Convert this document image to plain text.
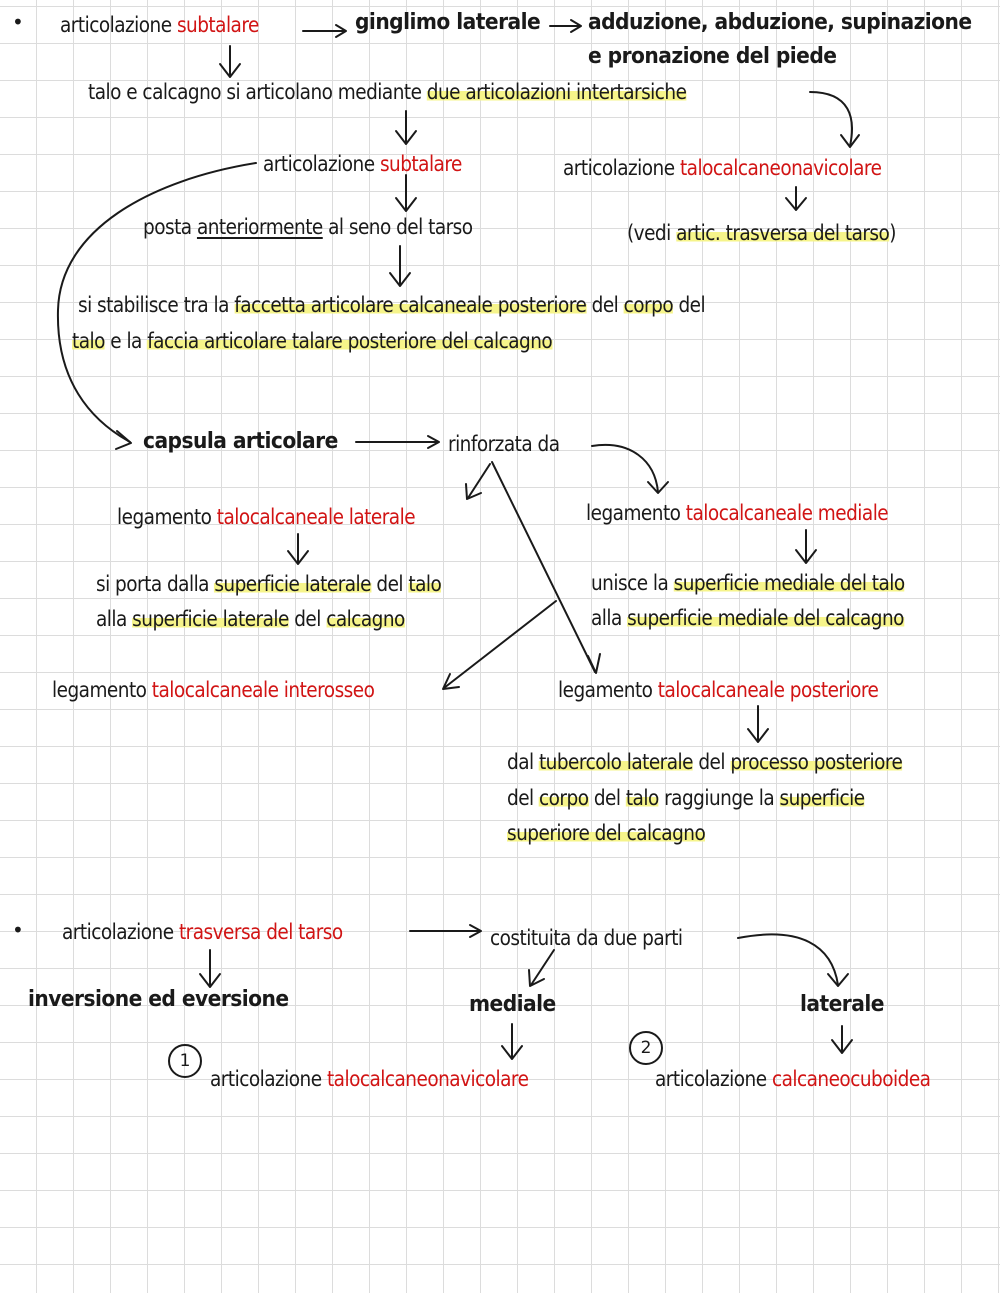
• articolazione subtalare	ginglimo laterale adduzione, abduzione, supinazione
e pronazione del piede
talo e calcagno si articolano mediante due articolazioni intertarsiche
articolazione subtalare	articolazione talocalcaneonavicolare
posta anteriormente al seno del tarso	(vedi artic. trasversa del tarso)
si stabilisce tra la faccetta articolare calcaneale posteriore del corpo del
talo e la faccia articolare talare posteriore del calcagno
capsula articolare	rinforzata da
legamento talocalcaneale laterale	legamento talocalcaneale mediale
si porta dalla superficie laterale del talo
alla superficie laterale del calcagno
unisce la superficie mediale del talo
alla superficie mediale del calcagno
legamento talocalcaneale interosseo	legamento talocalcaneale posteriore
dal tubercolo laterale del processo posteriore
del corpo del talo raggiunge la superficie
superiore del calcagno
• articolazione trasversa del tarso	costituita da due parti
inversione ed eversione	mediale	laterale
1
2
articolazione talocalcaneonavicolare	articolazione calcaneocuboidea
